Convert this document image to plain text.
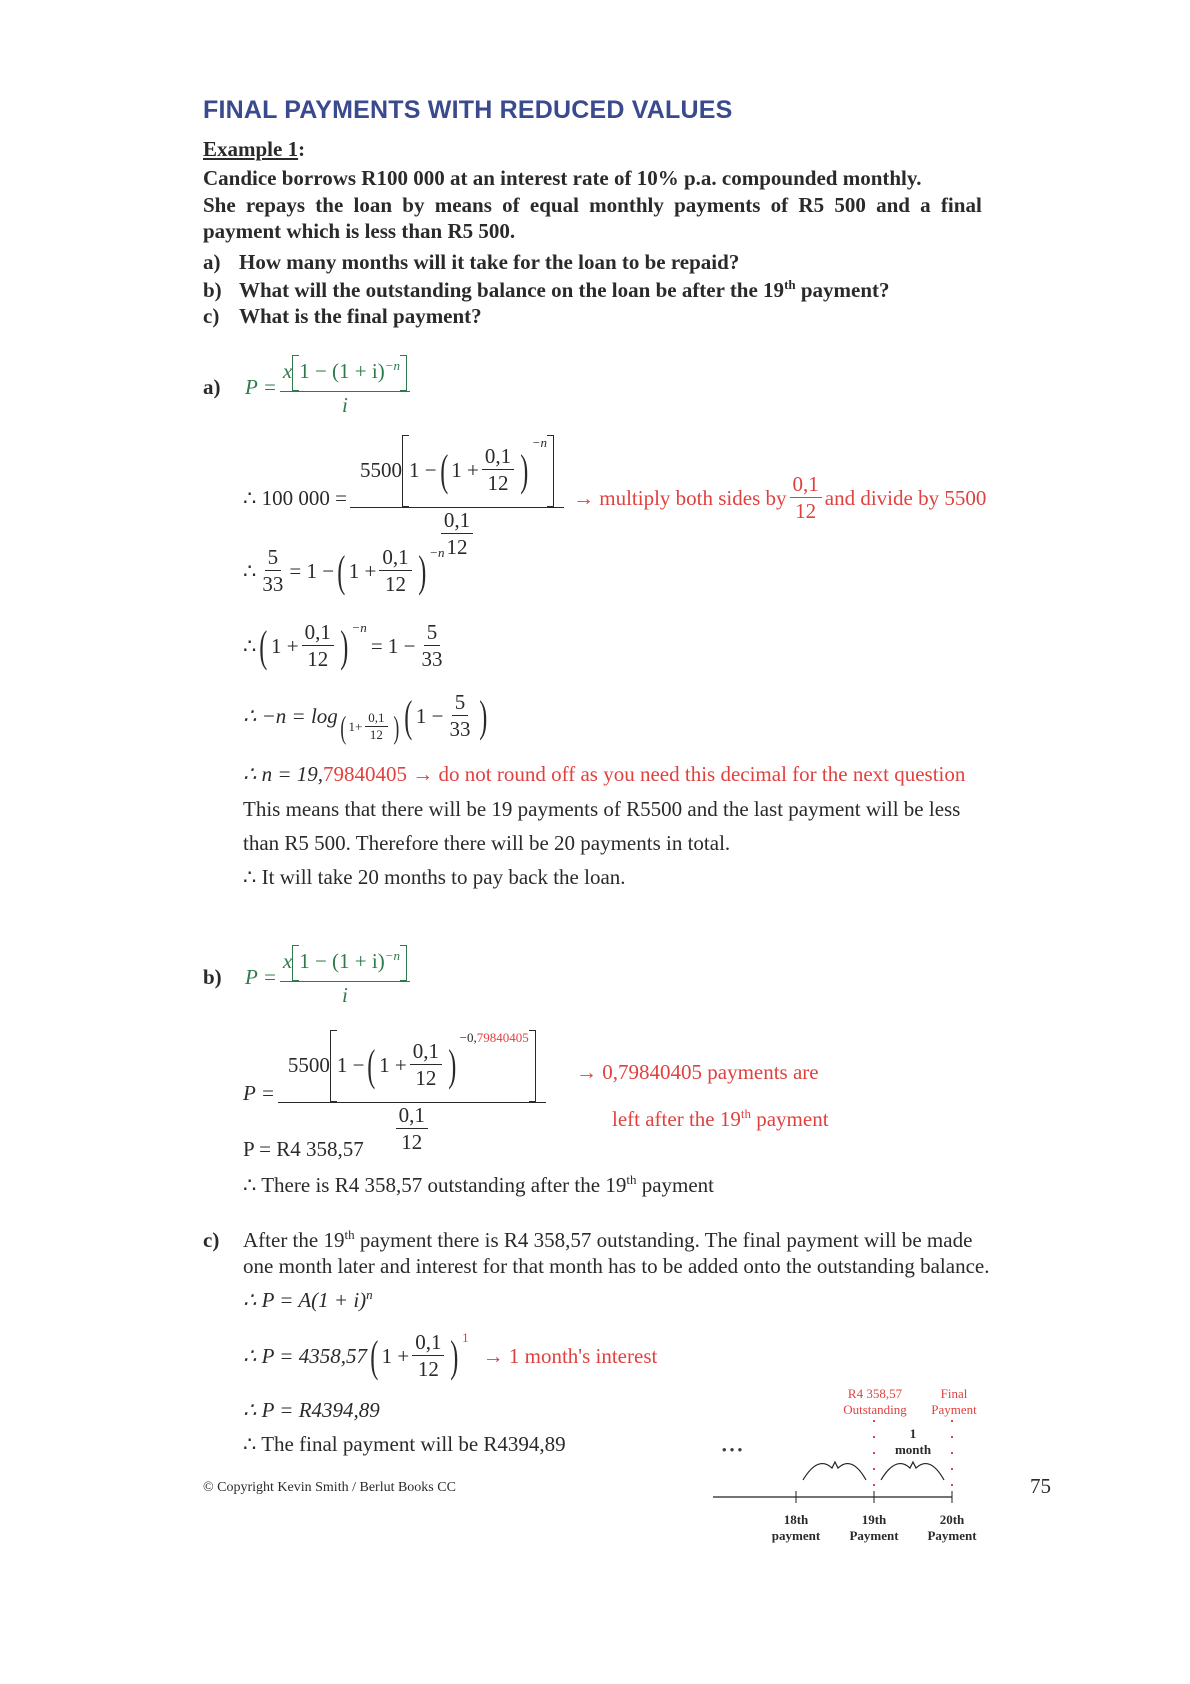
FINAL PAYMENTS WITH REDUCED VALUES
Example 1:
Candice borrows R100 000 at an interest rate of 10% p.a. compounded monthly.
She repays the loan by means of equal monthly payments of R5 500 and a final
payment which is less than R5 500.
a) How many months will it take for the loan to be repaid?
b) What will the outstanding balance on the loan be after the 19th payment?
c) What is the final payment?
a)	$P = \frac{x 1 - (1 + i)^{-n}}{i}$
∴ 100 000 = 5500 1 − ( $1 + \frac{0,1}{12}$ )
$^{-n}$
$\frac{0,1}{12}$ → multiply both sides by $\frac{0,1}{12}$ and divide by 5500
∴ $\frac{5}{33} = 1$ − ( $1 + \frac{0,1}{12}$ ) $^{-n}$
∴ ( $1 + \frac{0,1}{12}$ ) $^{-n}$
= $1 - \frac{5}{33}$
∴ −n = log ( $1+ \frac{0,1}{12}$ ) ( $1 - \frac{5}{33}$ )
∴ n = 19,79840405 → do not round off as you need this decimal for the next question
This means that there will be 19 payments of R5500 and the last payment will be less
than R5 500. Therefore there will be 20 payments in total.
∴ It will take 20 months to pay back the loan.
b)	$P = \frac{x 1 - (1 + i)^{-n}}{i}$
P = 5500 1 − ( $1 + \frac{0,1}{12}$ )
$^{-0,79840405}$
$\frac{0,1}{12} \to 0,79840405$ payments are
left after the 19th payment
P = R4 358,57
∴ There is R4 358,57 outstanding after the 19th payment
c) After the 19th payment there is R4 358,57 outstanding. The final payment will be made
one month later and interest for that month has to be added onto the outstanding balance.
∴ $P = A(1 + i)^n$
∴ P = 4358,57 ( $1 + \frac{0,1}{12}$ ) $^1$
→ 1 month's interest
∴ P = R4394,89
∴ The final payment will be R4394,89	• • •
R4 358,57
Outstanding
Final
Payment
1
month
18th
payment
19th
Payment
20th
Payment
© Copyright Kevin Smith / Berlut Books CC	75
